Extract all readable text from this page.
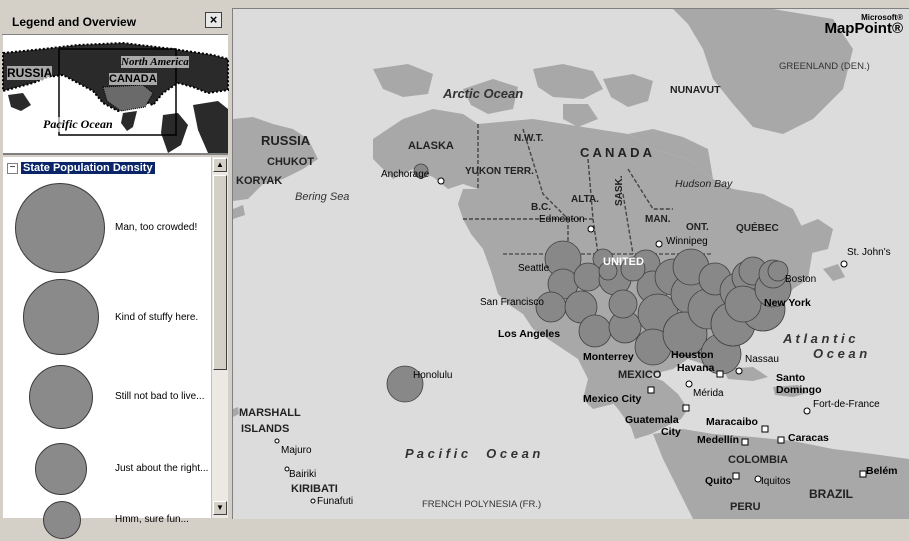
Legend and Overview	×
RUSSIA	CANADA
North America
Pacific Ocean
− State Population Density
Man, too crowded!
Kind of stuffy here.
Still not bad to live...
Just about the right...
Hmm, sure fun...
▲
▼
Microsoft®
MapPoint®
Arctic Ocean
P a c i f i c     O c e a n
A t l a n t i c
O c e a n
Bering Sea
Hudson Bay
RUSSIA
CHUKOT
KORYAK
ALASKA
N.W.T.
YUKON TERR.
C A N A D A
NUNAVUT
GREENLAND (DEN.)
B.C.
ALTA. SASK.
MAN.
ONT.	QUÉBEC
UNITED
MEXICO
MARSHALL
ISLANDS
KIRIBATI
COLOMBIA
BRAZIL
PERU
FRENCH POLYNESIA (FR.)
Anchorage
Edmonton
Winnipeg
St. John's
Seattle
San Francisco
Los Angeles
Boston
New York
Monterrey	Houston
Havana
Nassau
Honolulu
Mexico City	Mérida
Santo
Domingo
Fort-de-France
Guatemala
City
Maracaibo
Caracas
Medellín
Quito	Iquitos
Belém
Majuro
Bairiki
Funafuti
